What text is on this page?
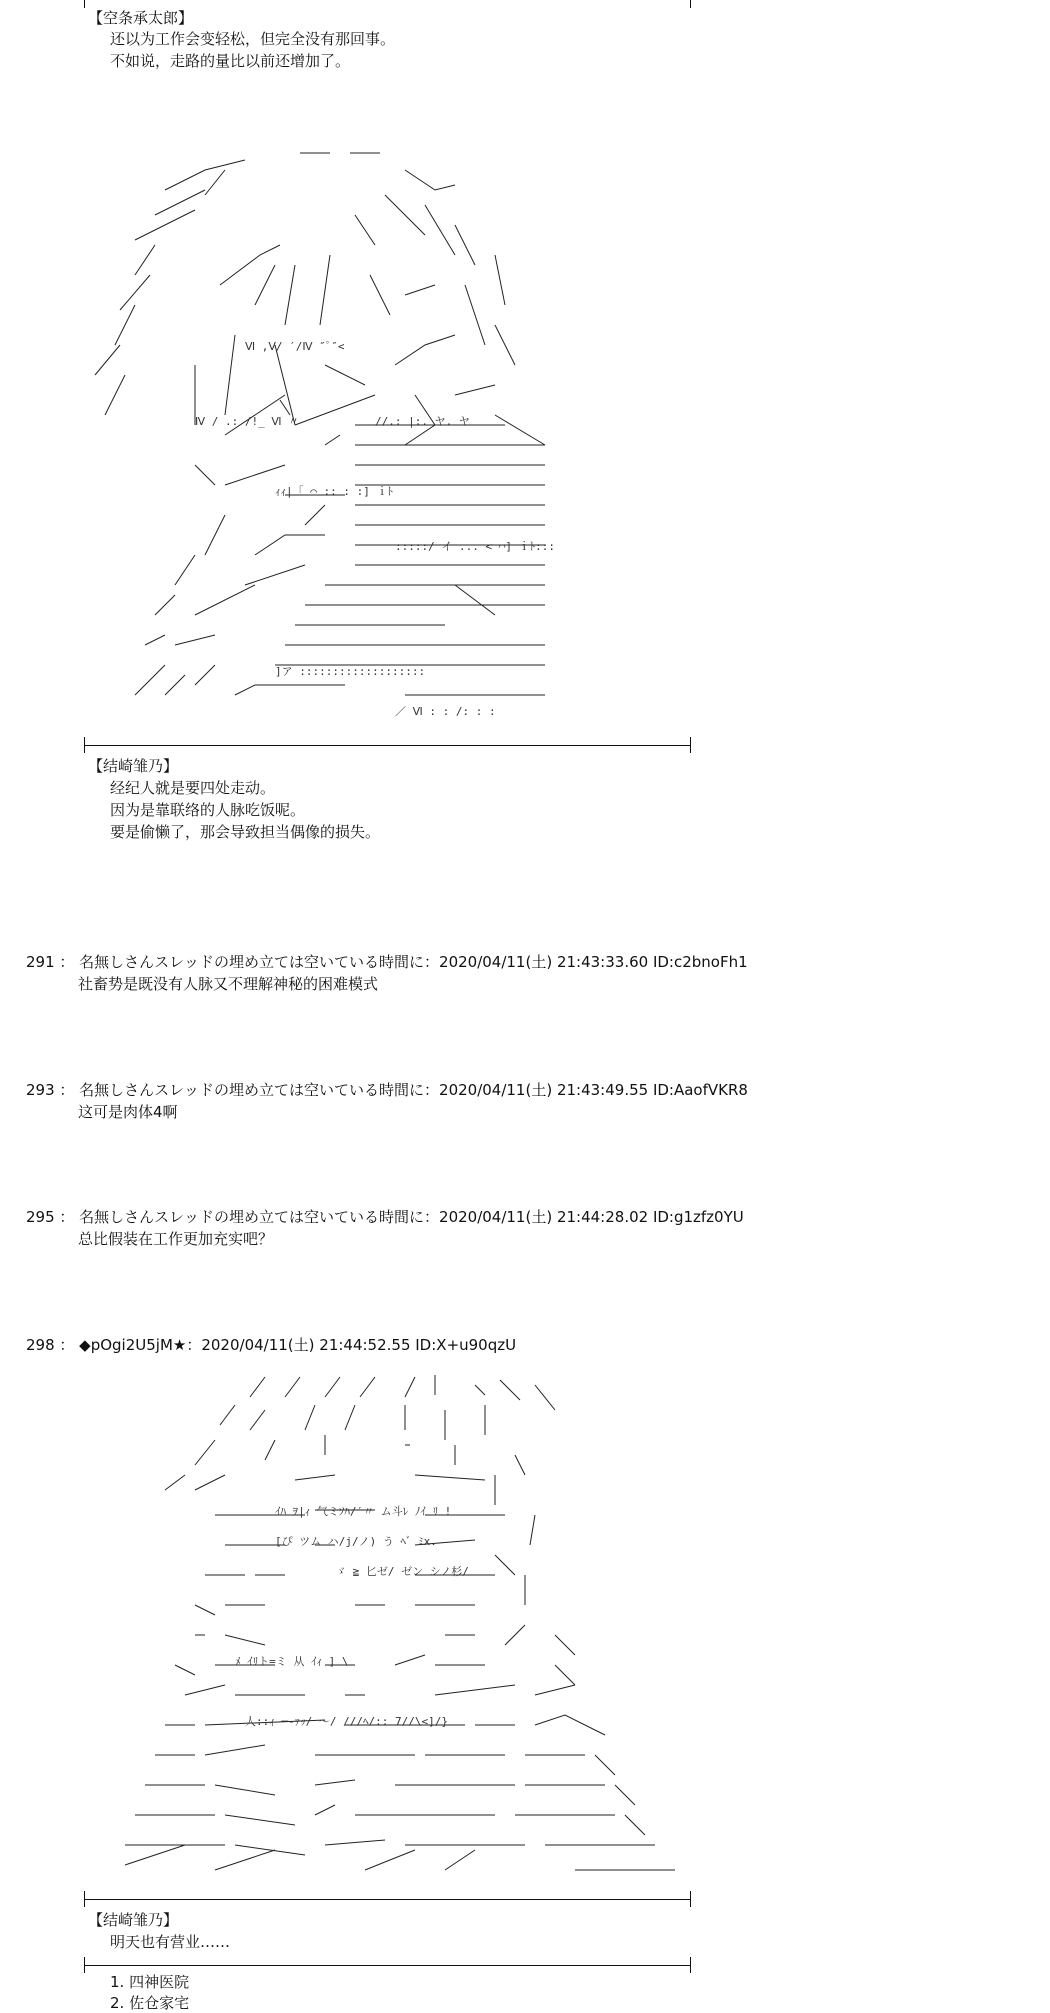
【空条承太郎】
还以为工作会变轻松，但完全没有那回事。
不如说，走路的量比以前还增加了。
Ⅵ ,Ⅴ/ ′/Ⅳ ″ﾟ″<
Ⅳ / .: /!_ Ⅵ 〃	//.: |:. ヤ. ヤ
ｨｨ|「 ⌒ :: : :] ｉﾄ
:::::/ イ ... < ⌒] ｉﾄ:::
]ア :::::::::::::::::::
／ Ⅵ : : /: : :
【结崎雏乃】
经纪人就是要四处走动。
因为是靠联络的人脉吃饭呢。
要是偷懒了，那会导致担当偶像的损失。
291 ： 名無しさんスレッドの埋め立ては空いている時間に：2020/04/11(土) 21:43:33.60 ID:c2bnoFh1
社畜势是既没有人脉又不理解神秘的困难模式
293 ： 名無しさんスレッドの埋め立ては空いている時間に：2020/04/11(土) 21:43:49.55 ID:AaofVKR8
这可是肉体4啊
295 ： 名無しさんスレッドの埋め立ては空いている時間に：2020/04/11(土) 21:44:28.02 ID:g1zfz0YU
总比假装在工作更加充实吧？
298 ： ◆pOgi2U5jM★：2020/04/11(土) 21:44:52.55 ID:X+u90qzU
ｲﾊ ｦ|ｨ 气ミｿﾊ/′〃 ム斗ﾚ ﾉｲ ﾘ !
[ぴ ツム ハ/j/ノ) う ﾍﾞ ﾐx.
ゞ ≧ 匕ゼ/ ゼン シノ杉/
ﾒ ｲﾘト=ミ 从 ｲｨ ] \
人::ｨ ─‐ｧｯ/ ～/ ///ﾍ/:: 7//\<]/}
【结崎雏乃】
明天也有营业……
1. 四神医院
2. 佐仓家宅
